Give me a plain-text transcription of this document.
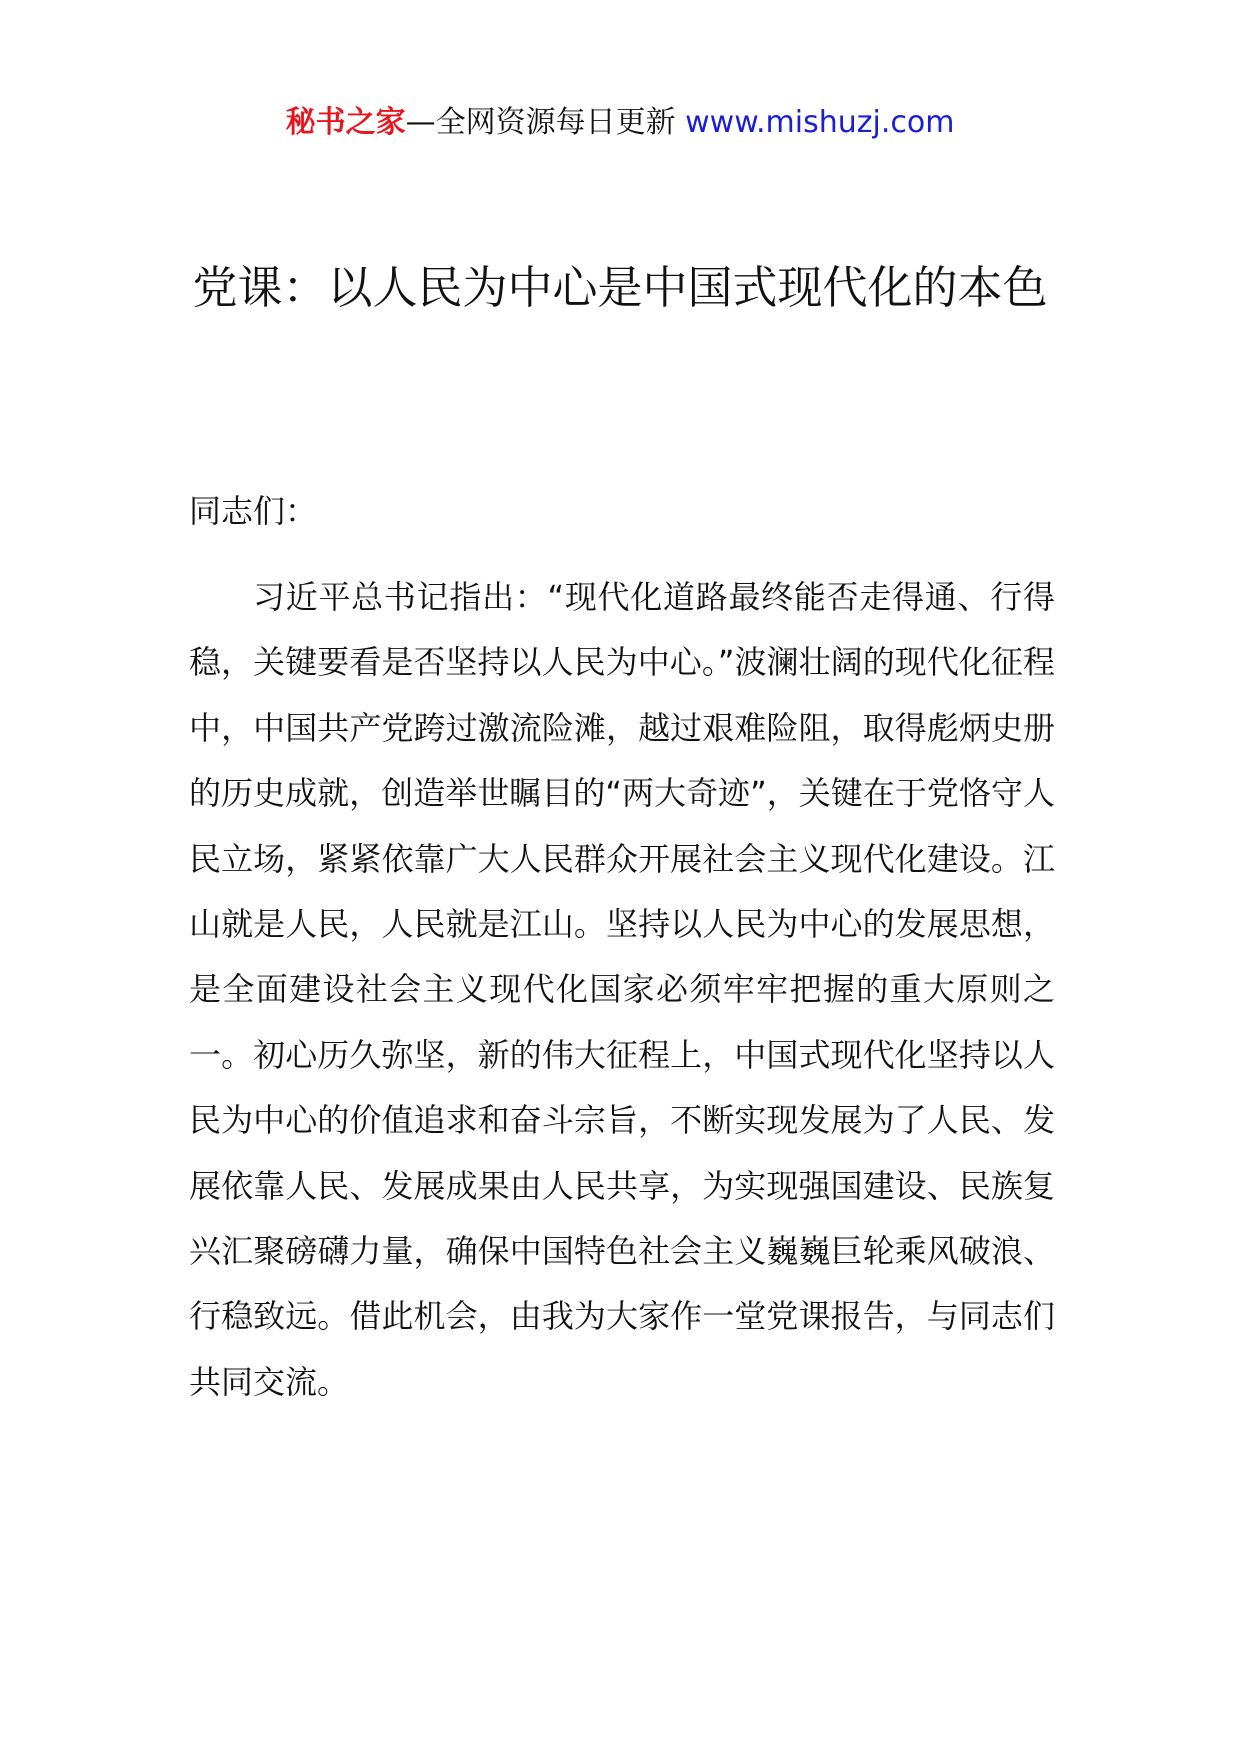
秘书之家—全网资源每日更新 www.mishuzj.com
党课：以人民为中心是中国式现代化的本色
同志们：

习近平总书记指出：“现代化道路最终能否走得通、行得稳，关键要看是否坚持以人民为中心。”波澜壮阔的现代化征程中，中国共产党跨过激流险滩，越过艰难险阻，取得彪炳史册的历史成就，创造举世瞩目的“两大奇迹”，关键在于党恪守人民立场，紧紧依靠广大人民群众开展社会主义现代化建设。江山就是人民，人民就是江山。坚持以人民为中心的发展思想，是全面建设社会主义现代化国家必须牢牢把握的重大原则之一。初心历久弥坚，新的伟大征程上，中国式现代化坚持以人民为中心的价值追求和奋斗宗旨，不断实现发展为了人民、发展依靠人民、发展成果由人民共享，为实现强国建设、民族复兴汇聚磅礴力量，确保中国特色社会主义巍巍巨轮乘风破浪、行稳致远。借此机会，由我为大家作一堂党课报告，与同志们共同交流。
